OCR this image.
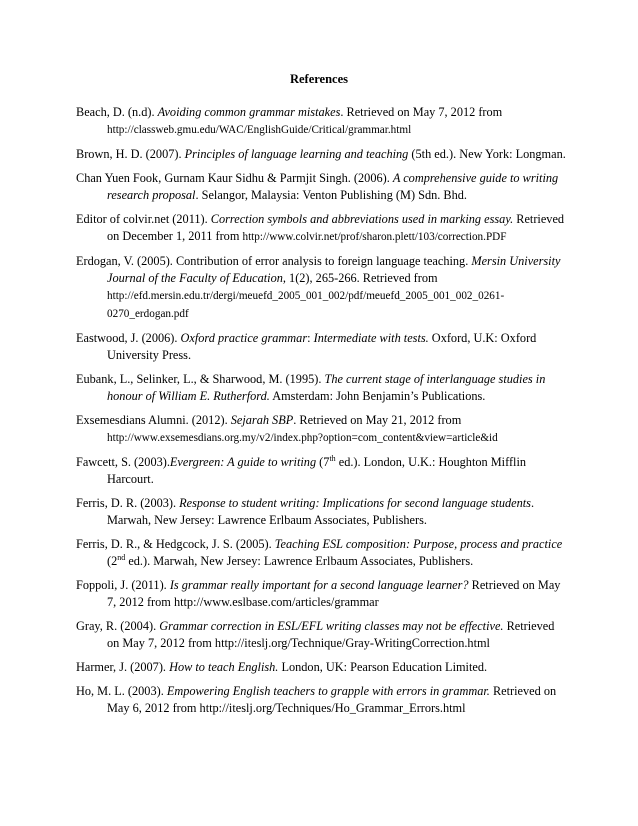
References

Beach, D. (n.d). Avoiding common grammar mistakes. Retrieved on May 7, 2012 from http://classweb.gmu.edu/WAC/EnglishGuide/Critical/grammar.html

Brown, H. D. (2007). Principles of language learning and teaching (5th ed.). New York: Longman.

Chan Yuen Fook, Gurnam Kaur Sidhu & Parmjit Singh. (2006). A comprehensive guide to writing research proposal. Selangor, Malaysia: Venton Publishing (M) Sdn. Bhd.

Editor of colvir.net (2011). Correction symbols and abbreviations used in marking essay. Retrieved on December 1, 2011 from http://www.colvir.net/prof/sharon.plett/103/correction.PDF

Erdogan, V. (2005). Contribution of error analysis to foreign language teaching. Mersin University Journal of the Faculty of Education, 1(2), 265-266. Retrieved from http://efd.mersin.edu.tr/dergi/meuefd_2005_001_002/pdf/meuefd_2005_001_002_0261-0270_erdogan.pdf

Eastwood, J. (2006). Oxford practice grammar: Intermediate with tests. Oxford, U.K: Oxford University Press.

Eubank, L., Selinker, L., & Sharwood, M. (1995). The current stage of interlanguage studies in honour of William E. Rutherford. Amsterdam: John Benjamin’s Publications.

Exsemesdians Alumni. (2012). Sejarah SBP. Retrieved on May 21, 2012 from http://www.exsemesdians.org.my/v2/index.php?option=com_content&view=article&id

Fawcett, S. (2003).Evergreen: A guide to writing (7th ed.). London, U.K.: Houghton Mifflin Harcourt.

Ferris, D. R. (2003). Response to student writing: Implications for second language students. Marwah, New Jersey: Lawrence Erlbaum Associates, Publishers.

Ferris, D. R., & Hedgcock, J. S. (2005). Teaching ESL composition: Purpose, process and practice (2nd ed.). Marwah, New Jersey: Lawrence Erlbaum Associates, Publishers.

Foppoli, J. (2011). Is grammar really important for a second language learner? Retrieved on May 7, 2012 from http://www.eslbase.com/articles/grammar

Gray, R. (2004). Grammar correction in ESL/EFL writing classes may not be effective. Retrieved on May 7, 2012 from http://iteslj.org/Technique/Gray-WritingCorrection.html

Harmer, J. (2007). How to teach English. London, UK: Pearson Education Limited.

Ho, M. L. (2003). Empowering English teachers to grapple with errors in grammar. Retrieved on May 6, 2012 from http://iteslj.org/Techniques/Ho_Grammar_Errors.html
